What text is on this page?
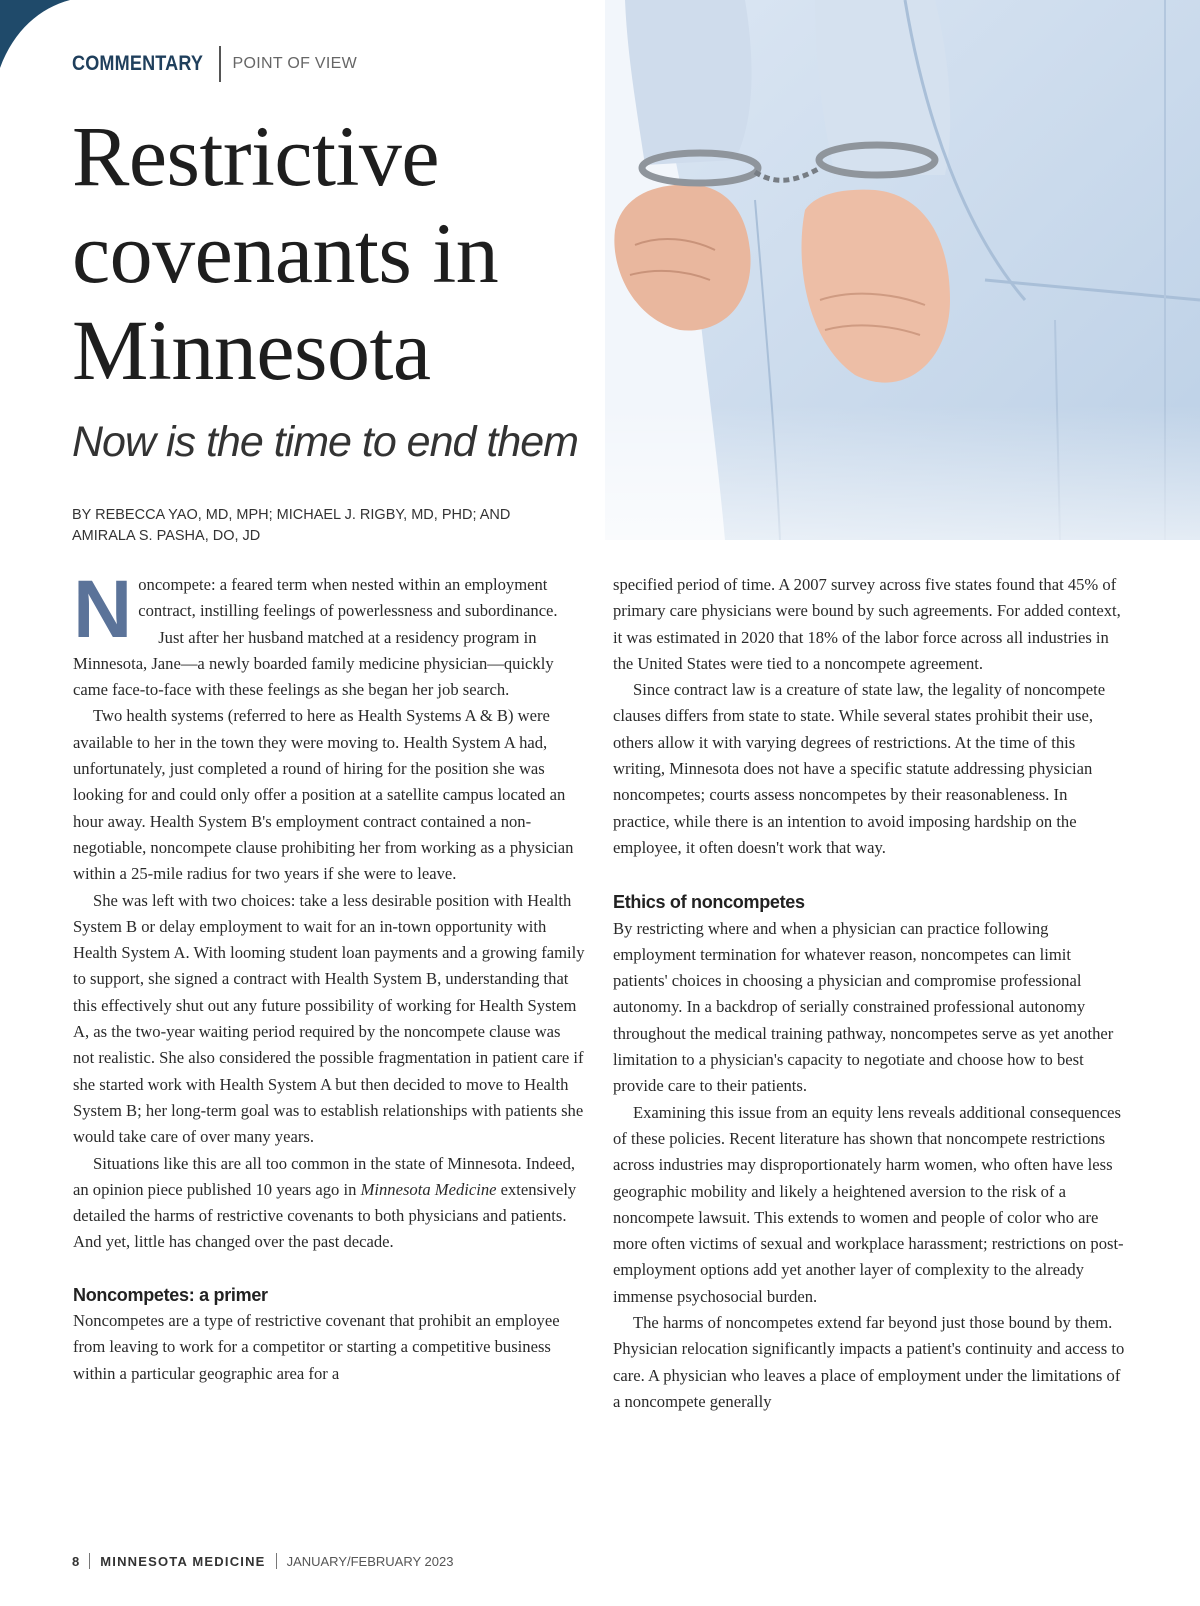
COMMENTARY POINT OF VIEW
Restrictive
covenants in
Minnesota
Now is the time to end them
BY REBECCA YAO, MD, MPH; MICHAEL J. RIGBY, MD, PHD; AND
AMIRALA S. PASHA, DO, JD

Noncompete: a feared term when nested within an employment contract, instilling feelings of powerlessness and subordinance.

Just after her husband matched at a residency program in Minnesota, Jane—a newly boarded family medicine physician—quickly came face-to-face with these feelings as she began her job search.

Two health systems (referred to here as Health Systems A & B) were available to her in the town they were moving to. Health System A had, unfortunately, just completed a round of hiring for the position she was looking for and could only offer a position at a satellite campus located an hour away. Health System B's employment contract contained a non-negotiable, noncompete clause prohibiting her from working as a physician within a 25-mile radius for two years if she were to leave.

She was left with two choices: take a less desirable position with Health System B or delay employment to wait for an in-town opportunity with Health System A. With looming student loan payments and a growing family to support, she signed a contract with Health System B, understanding that this effectively shut out any future possibility of working for Health System A, as the two-year waiting period required by the noncompete clause was not realistic. She also considered the possible fragmentation in patient care if she started work with Health System A but then decided to move to Health System B; her long-term goal was to establish relationships with patients she would take care of over many years.

Situations like this are all too common in the state of Minnesota. Indeed, an opinion piece published 10 years ago in Minnesota Medicine extensively detailed the harms of restrictive covenants to both physicians and patients. And yet, little has changed over the past decade.

Noncompetes: a primer

Noncompetes are a type of restrictive covenant that prohibit an employee from leaving to work for a competitor or starting a competitive business within a particular geographic area for a

specified period of time. A 2007 survey across five states found that 45% of primary care physicians were bound by such agreements. For added context, it was estimated in 2020 that 18% of the labor force across all industries in the United States were tied to a noncompete agreement.

Since contract law is a creature of state law, the legality of noncompete clauses differs from state to state. While several states prohibit their use, others allow it with varying degrees of restrictions. At the time of this writing, Minnesota does not have a specific statute addressing physician noncompetes; courts assess noncompetes by their reasonableness. In practice, while there is an intention to avoid imposing hardship on the employee, it often doesn't work that way.

Ethics of noncompetes

By restricting where and when a physician can practice following employment termination for whatever reason, noncompetes can limit patients' choices in choosing a physician and compromise professional autonomy. In a backdrop of serially constrained professional autonomy throughout the medical training pathway, noncompetes serve as yet another limitation to a physician's capacity to negotiate and choose how to best provide care to their patients.

Examining this issue from an equity lens reveals additional consequences of these policies. Recent literature has shown that noncompete restrictions across industries may disproportionately harm women, who often have less geographic mobility and likely a heightened aversion to the risk of a noncompete lawsuit. This extends to women and people of color who are more often victims of sexual and workplace harassment; restrictions on post-employment options add yet another layer of complexity to the already immense psychosocial burden.

The harms of noncompetes extend far beyond just those bound by them. Physician relocation significantly impacts a patient's continuity and access to care. A physician who leaves a place of employment under the limitations of a noncompete generally

8 MINNESOTA MEDICINE JANUARY/FEBRUARY 2023
